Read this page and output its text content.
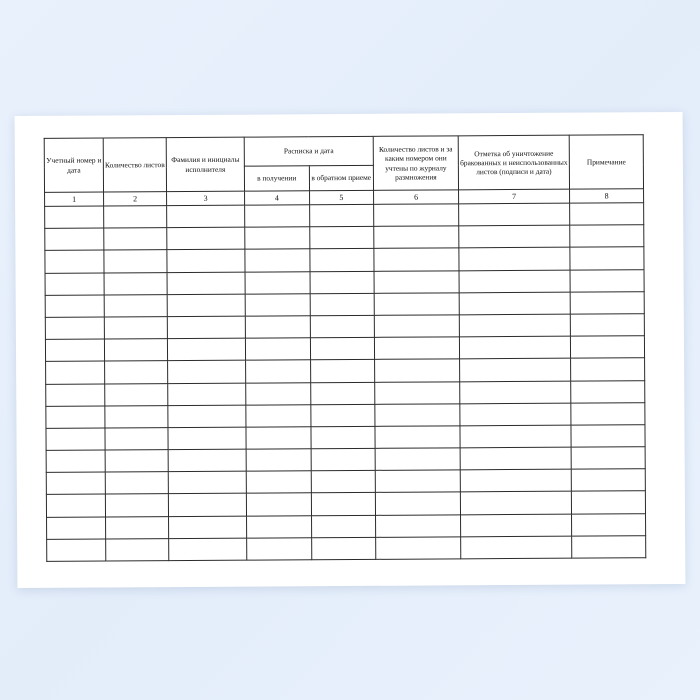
Учетный номер и дата	Количество листов	Фамилия и инициалы исполнителя	Расписка и дата		Количество листов и за каким номером они учтены по журналу размножения	Отметка об уничтожение бракованных и неиспользованных листов (подписи и дата)	Примечание
			в получении	в обратном приеме			
1	2	3	4	5	6	7	8
